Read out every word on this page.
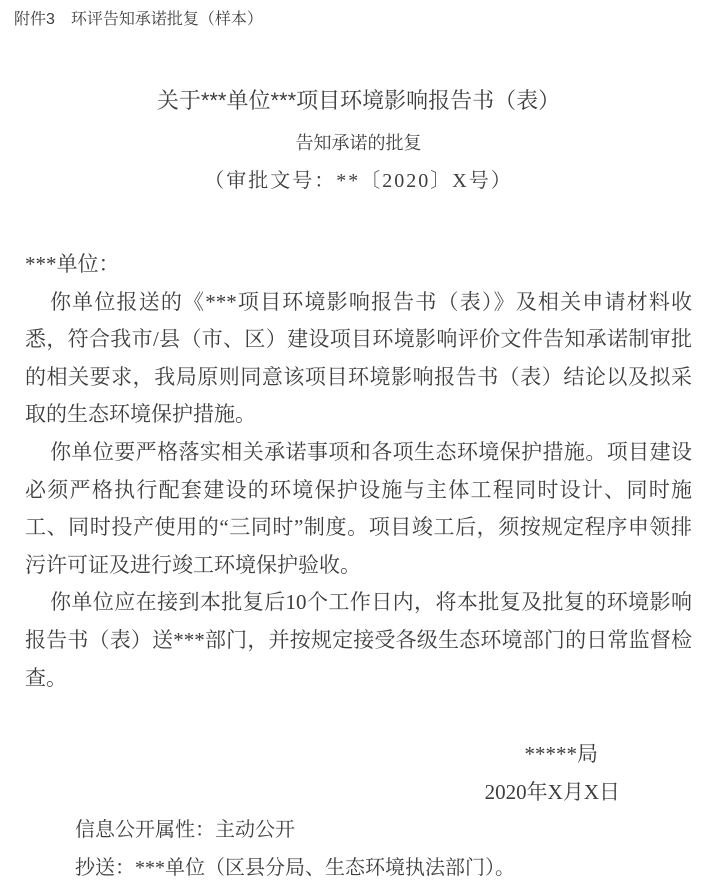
附件3　环评告知承诺批复（样本）
关于***单位***项目环境影响报告书（表）
告知承诺的批复
（审批文号：**〔2020〕X号）

***单位：

你单位报送的《***项目环境影响报告书（表）》及相关申请材料收悉，符合我市/县（市、区）建设项目环境影响评价文件告知承诺制审批的相关要求，我局原则同意该项目环境影响报告书（表）结论以及拟采取的生态环境保护措施。

你单位要严格落实相关承诺事项和各项生态环境保护措施。项目建设必须严格执行配套建设的环境保护设施与主体工程同时设计、同时施工、同时投产使用的“三同时”制度。项目竣工后，须按规定程序申领排污许可证及进行竣工环境保护验收。

你单位应在接到本批复后10个工作日内，将本批复及批复的环境影响报告书（表）送***部门，并按规定接受各级生态环境部门的日常监督检查。

*****局
2020年X月X日
信息公开属性：主动公开
抄送：***单位（区县分局、生态环境执法部门）。
